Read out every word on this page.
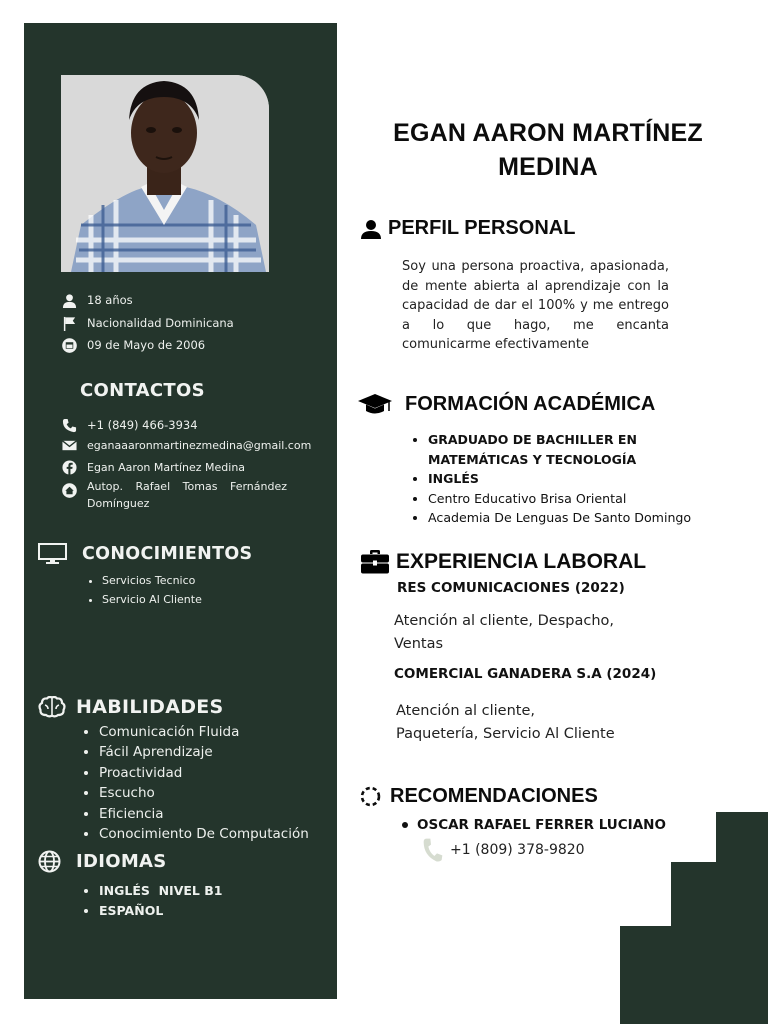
18 años
Nacionalidad Dominicana
09 de Mayo de 2006
CONTACTOS
+1 (849) 466-3934
eganaaaronmartinezmedina@gmail.com
Egan Aaron Martínez Medina
Autop. Rafael Tomas Fernández Domínguez
CONOCIMIENTOS
• Servicios Tecnico
• Servicio Al Cliente
HABILIDADES
• Comunicación Fluida
• Fácil Aprendizaje
• Proactividad
• Escucho
• Eficiencia
• Conocimiento De Computación
IDIOMAS
• INGLÉS  NIVEL B1
• ESPAÑOL
EGAN AARON MARTÍNEZ
MEDINA
PERFIL PERSONAL
Soy una persona proactiva, apasionada, de mente abierta al aprendizaje con la capacidad de dar el 100% y me entrego a lo que hago, me encanta comunicarme efectivamente
FORMACIÓN ACADÉMICA
• GRADUADO DE BACHILLER EN MATEMÁTICAS Y TECNOLOGÍA
• INGLÉS
• Centro Educativo Brisa Oriental
• Academia De Lenguas De Santo Domingo
EXPERIENCIA LABORAL
RES COMUNICACIONES (2022)
Atención al cliente, Despacho, Ventas
COMERCIAL GANADERA S.A (2024)
Atención al cliente, Paquetería, Servicio Al Cliente
RECOMENDACIONES
OSCAR RAFAEL FERRER LUCIANO
+1 (809) 378-9820
